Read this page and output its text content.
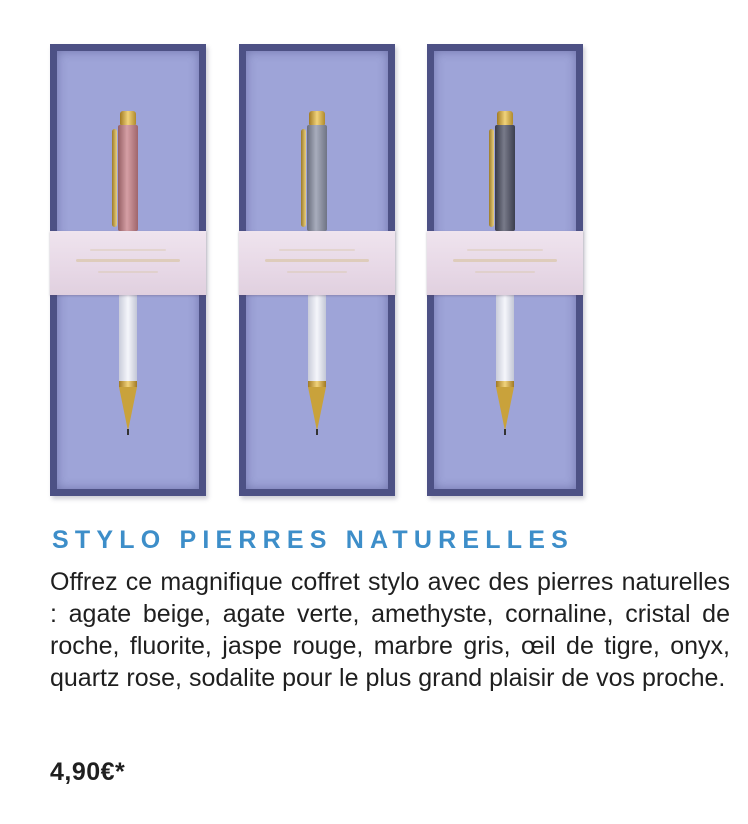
STYLO PIERRES NATURELLES

Offrez ce magnifique coffret stylo avec des pierres naturelles : agate beige, agate verte, amethyste, cornaline, cristal de roche, fluorite, jaspe rouge, marbre gris, œil de tigre, onyx, quartz rose, sodalite pour le plus grand plaisir de vos proche.

4,90€*
